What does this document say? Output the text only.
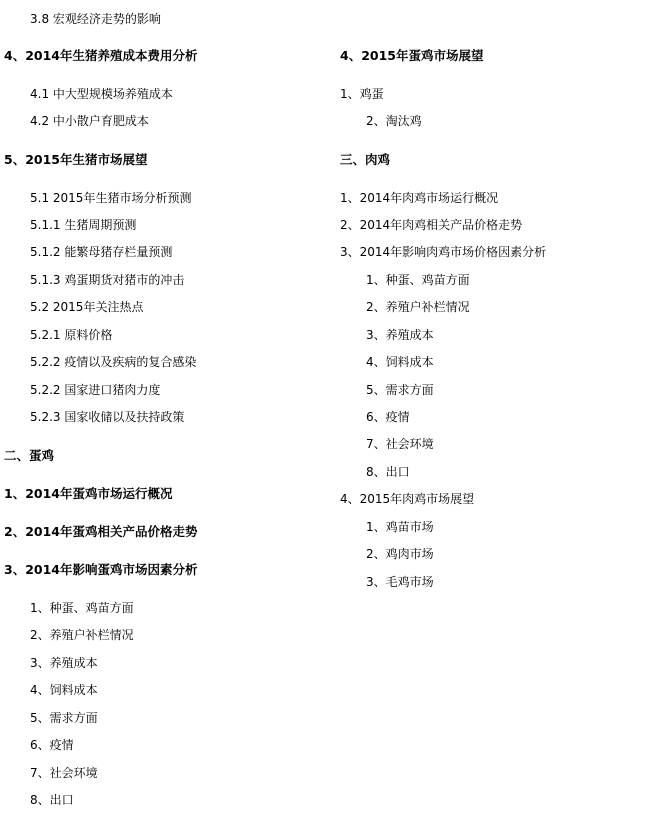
3.8 宏观经济走势的影响
4、2014年生猪养殖成本费用分析
4.1 中大型规模场养殖成本
4.2 中小散户育肥成本
5、2015年生猪市场展望
5.1 2015年生猪市场分析预测
5.1.1 生猪周期预测
5.1.2 能繁母猪存栏量预测
5.1.3 鸡蛋期货对猪市的冲击
5.2 2015年关注热点
5.2.1 原料价格
5.2.2 疫情以及疾病的复合感染
5.2.2 国家进口猪肉力度
5.2.3 国家收储以及扶持政策
二、蛋鸡
1、2014年蛋鸡市场运行概况
2、2014年蛋鸡相关产品价格走势
3、2014年影响蛋鸡市场因素分析
1、种蛋、鸡苗方面
2、养殖户补栏情况
3、养殖成本
4、饲料成本
5、需求方面
6、疫情
7、社会环境
8、出口
4、2015年蛋鸡市场展望
1、鸡蛋
2、淘汰鸡
三、肉鸡
1、2014年肉鸡市场运行概况
2、2014年肉鸡相关产品价格走势
3、2014年影响肉鸡市场价格因素分析
1、种蛋、鸡苗方面
2、养殖户补栏情况
3、养殖成本
4、饲料成本
5、需求方面
6、疫情
7、社会环境
8、出口
4、2015年肉鸡市场展望
1、鸡苗市场
2、鸡肉市场
3、毛鸡市场
